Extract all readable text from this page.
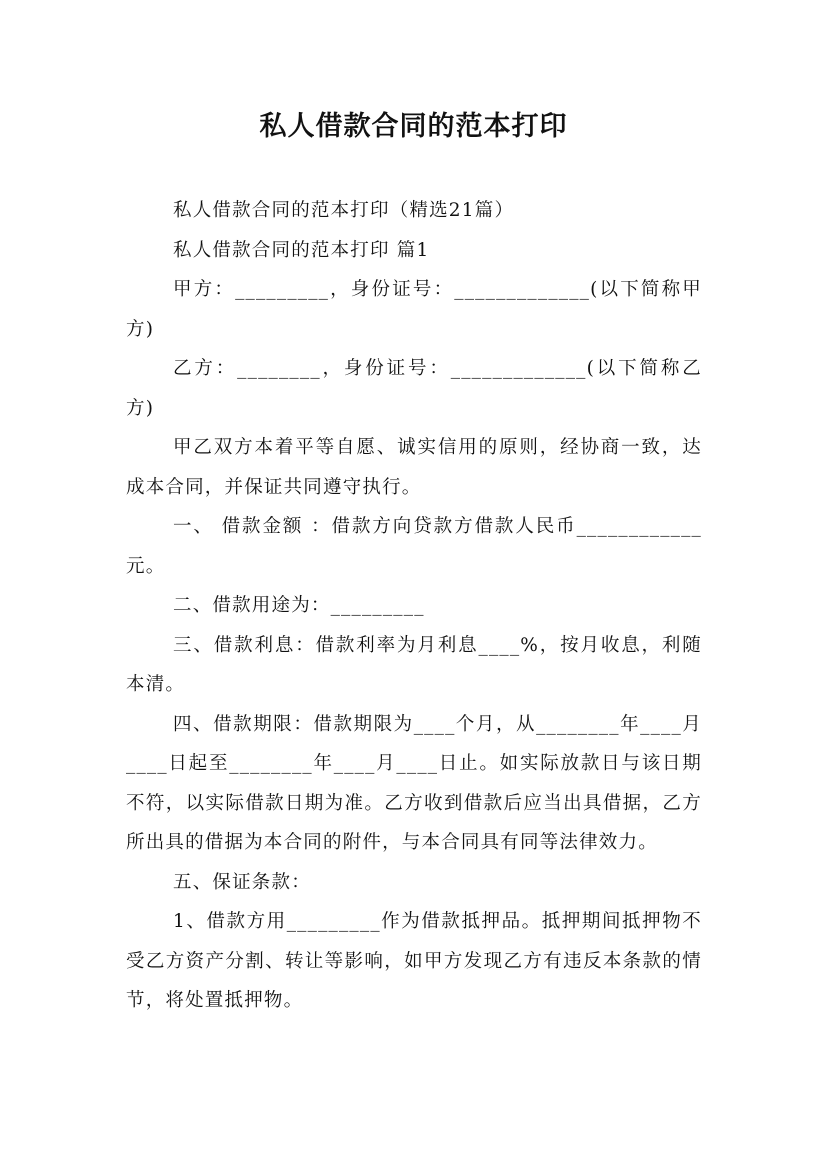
私人借款合同的范本打印

私人借款合同的范本打印（精选21篇）

私人借款合同的范本打印 篇1

甲方：_________，身份证号：_____________(以下简称甲方)

乙方：________，身份证号：_____________(以下简称乙方)

甲乙双方本着平等自愿、诚实信用的原则，经协商一致，达成本合同，并保证共同遵守执行。

一、 借款金额 ：借款方向贷款方借款人民币____________元。

二、借款用途为：_________

三、借款利息：借款利率为月利息____%，按月收息，利随本清。

四、借款期限：借款期限为____个月，从________年____月____日起至________年____月____日止。如实际放款日与该日期不符，以实际借款日期为准。乙方收到借款后应当出具借据，乙方所出具的借据为本合同的附件，与本合同具有同等法律效力。

五、保证条款：

1、借款方用_________作为借款抵押品。抵押期间抵押物不受乙方资产分割、转让等影响，如甲方发现乙方有违反本条款的情节，将处置抵押物。
